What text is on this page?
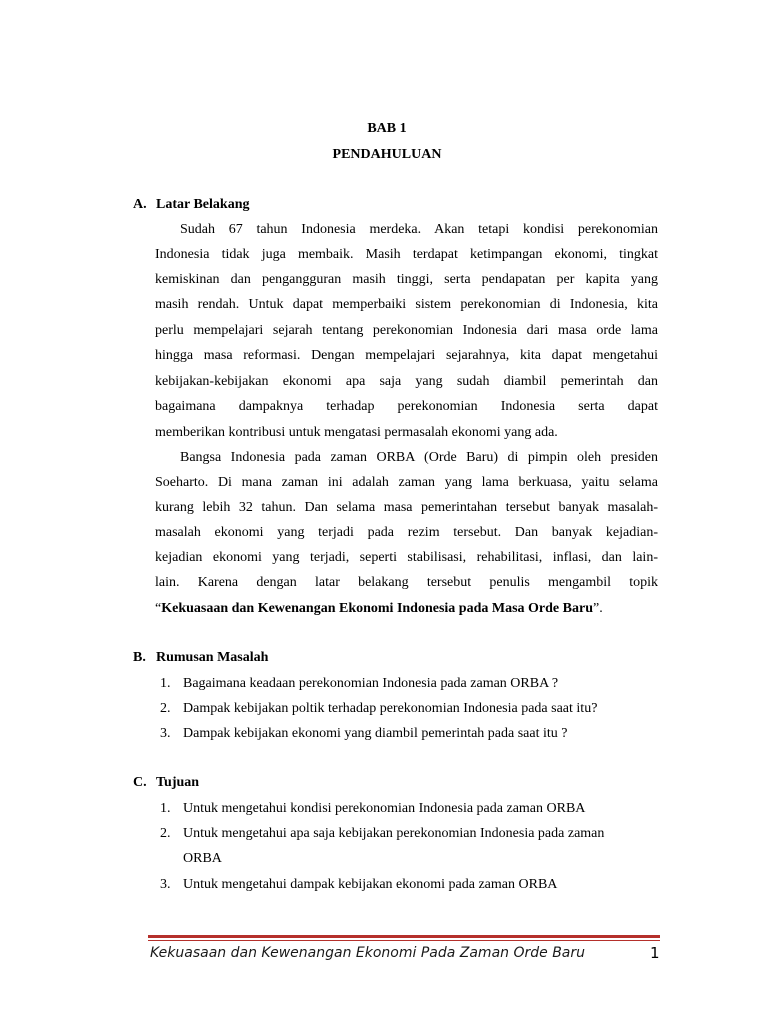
BAB 1
PENDAHULUAN
A. Latar Belakang
Sudah 67 tahun Indonesia merdeka. Akan tetapi kondisi perekonomian
Indonesia tidak juga membaik. Masih terdapat ketimpangan ekonomi, tingkat
kemiskinan dan pengangguran masih tinggi, serta pendapatan per kapita yang
masih rendah. Untuk dapat memperbaiki sistem perekonomian di Indonesia, kita
perlu mempelajari sejarah tentang perekonomian Indonesia dari masa orde lama
hingga masa reformasi. Dengan mempelajari sejarahnya, kita dapat mengetahui
kebijakan-kebijakan ekonomi apa saja yang sudah diambil pemerintah dan
bagaimana dampaknya terhadap perekonomian Indonesia serta dapat
memberikan kontribusi untuk mengatasi permasalah ekonomi yang ada.
Bangsa Indonesia pada zaman ORBA (Orde Baru) di pimpin oleh presiden
Soeharto. Di mana zaman ini adalah zaman yang lama berkuasa, yaitu selama
kurang lebih 32 tahun. Dan selama masa pemerintahan tersebut banyak masalah-
masalah ekonomi yang terjadi pada rezim tersebut. Dan banyak kejadian-
kejadian ekonomi yang terjadi, seperti stabilisasi, rehabilitasi, inflasi, dan lain-
lain. Karena dengan latar belakang tersebut penulis mengambil topik
“Kekuasaan dan Kewenangan Ekonomi Indonesia pada Masa Orde Baru”.
B. Rumusan Masalah
1. Bagaimana keadaan perekonomian Indonesia pada zaman ORBA ?
2. Dampak kebijakan poltik terhadap perekonomian Indonesia pada saat itu?
3. Dampak kebijakan ekonomi yang diambil pemerintah pada saat itu ?
C. Tujuan
1. Untuk mengetahui kondisi perekonomian Indonesia pada zaman ORBA
2. Untuk mengetahui apa saja kebijakan perekonomian Indonesia pada zaman
ORBA
3. Untuk mengetahui dampak kebijakan ekonomi pada zaman ORBA
Kekuasaan dan Kewenangan Ekonomi Pada Zaman Orde Baru	1
